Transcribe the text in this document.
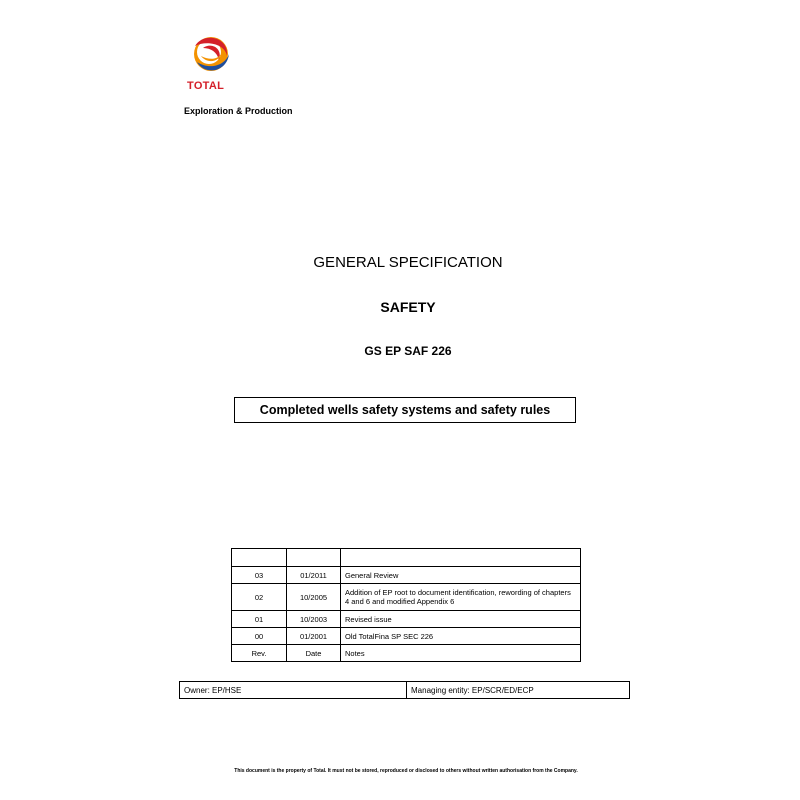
TOTAL
Exploration & Production
GENERAL SPECIFICATION
SAFETY
GS EP SAF 226
Completed wells safety systems and safety rules

03	01/2011	General Review
02	10/2005	Addition of EP root to document identification, rewording of chapters 4 and 6 and modified Appendix 6
01	10/2003	Revised issue
00	01/2001	Old TotalFina SP SEC 226
Rev.	Date	Notes
Owner: EP/HSE	Managing entity: EP/SCR/ED/ECP
This document is the property of Total. It must not be stored, reproduced or disclosed to others without written authorisation from the Company.
